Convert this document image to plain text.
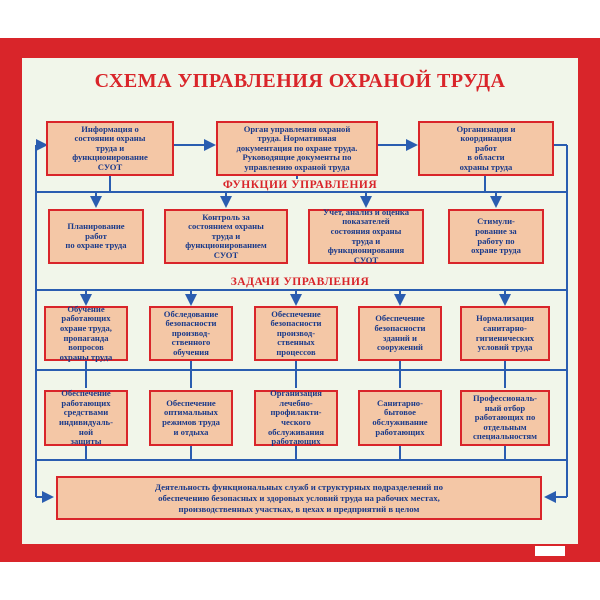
СХЕМА УПРАВЛЕНИЯ ОХРАНОЙ ТРУДА
Информация о
состоянии охраны
труда и
функционирование
СУОТ
Орган управления охраной
труда. Нормативная
документация по охране труда.
Руководящие документы по
управлению охраной труда
Организация и
координация
работ
в области
охраны труда
ФУНКЦИИ УПРАВЛЕНИЯ
Планирование
работ
по охране труда
Контроль за
состоянием охраны
труда и
функционированием
СУОТ
Учет, анализ и оценка
показателей
состояния охраны
труда и
функционирования
СУОТ
Стимули-
рование за
работу по
охране труда
ЗАДАЧИ УПРАВЛЕНИЯ
Обучение
работающих
охране труда,
пропаганда
вопросов
охраны труда
Обследование
безопасности
производ-
ственного
обучения
Обеспечение
безопасности
производ-
ственных
процессов
Обеспечение
безопасности
зданий и
сооружений
Нормализация
санитарно-
гигиенических
условий труда
Обеспечение
работающих
средствами
индивидуаль-
ной
защиты
Обеспечение
оптимальных
режимов труда
и отдыха
Организация
лечебно-
профилакти-
ческого
обслуживания
работающих
Санитарно-
бытовое
обслуживание
работающих
Профессиональ-
ный отбор
работающих по
отдельным
специальностям
Деятельность функциональных служб и структурных подразделений по
обеспечению безопасных и здоровых условий труда на рабочих местах,
производственных участках, в цехах и предприятий в целом
